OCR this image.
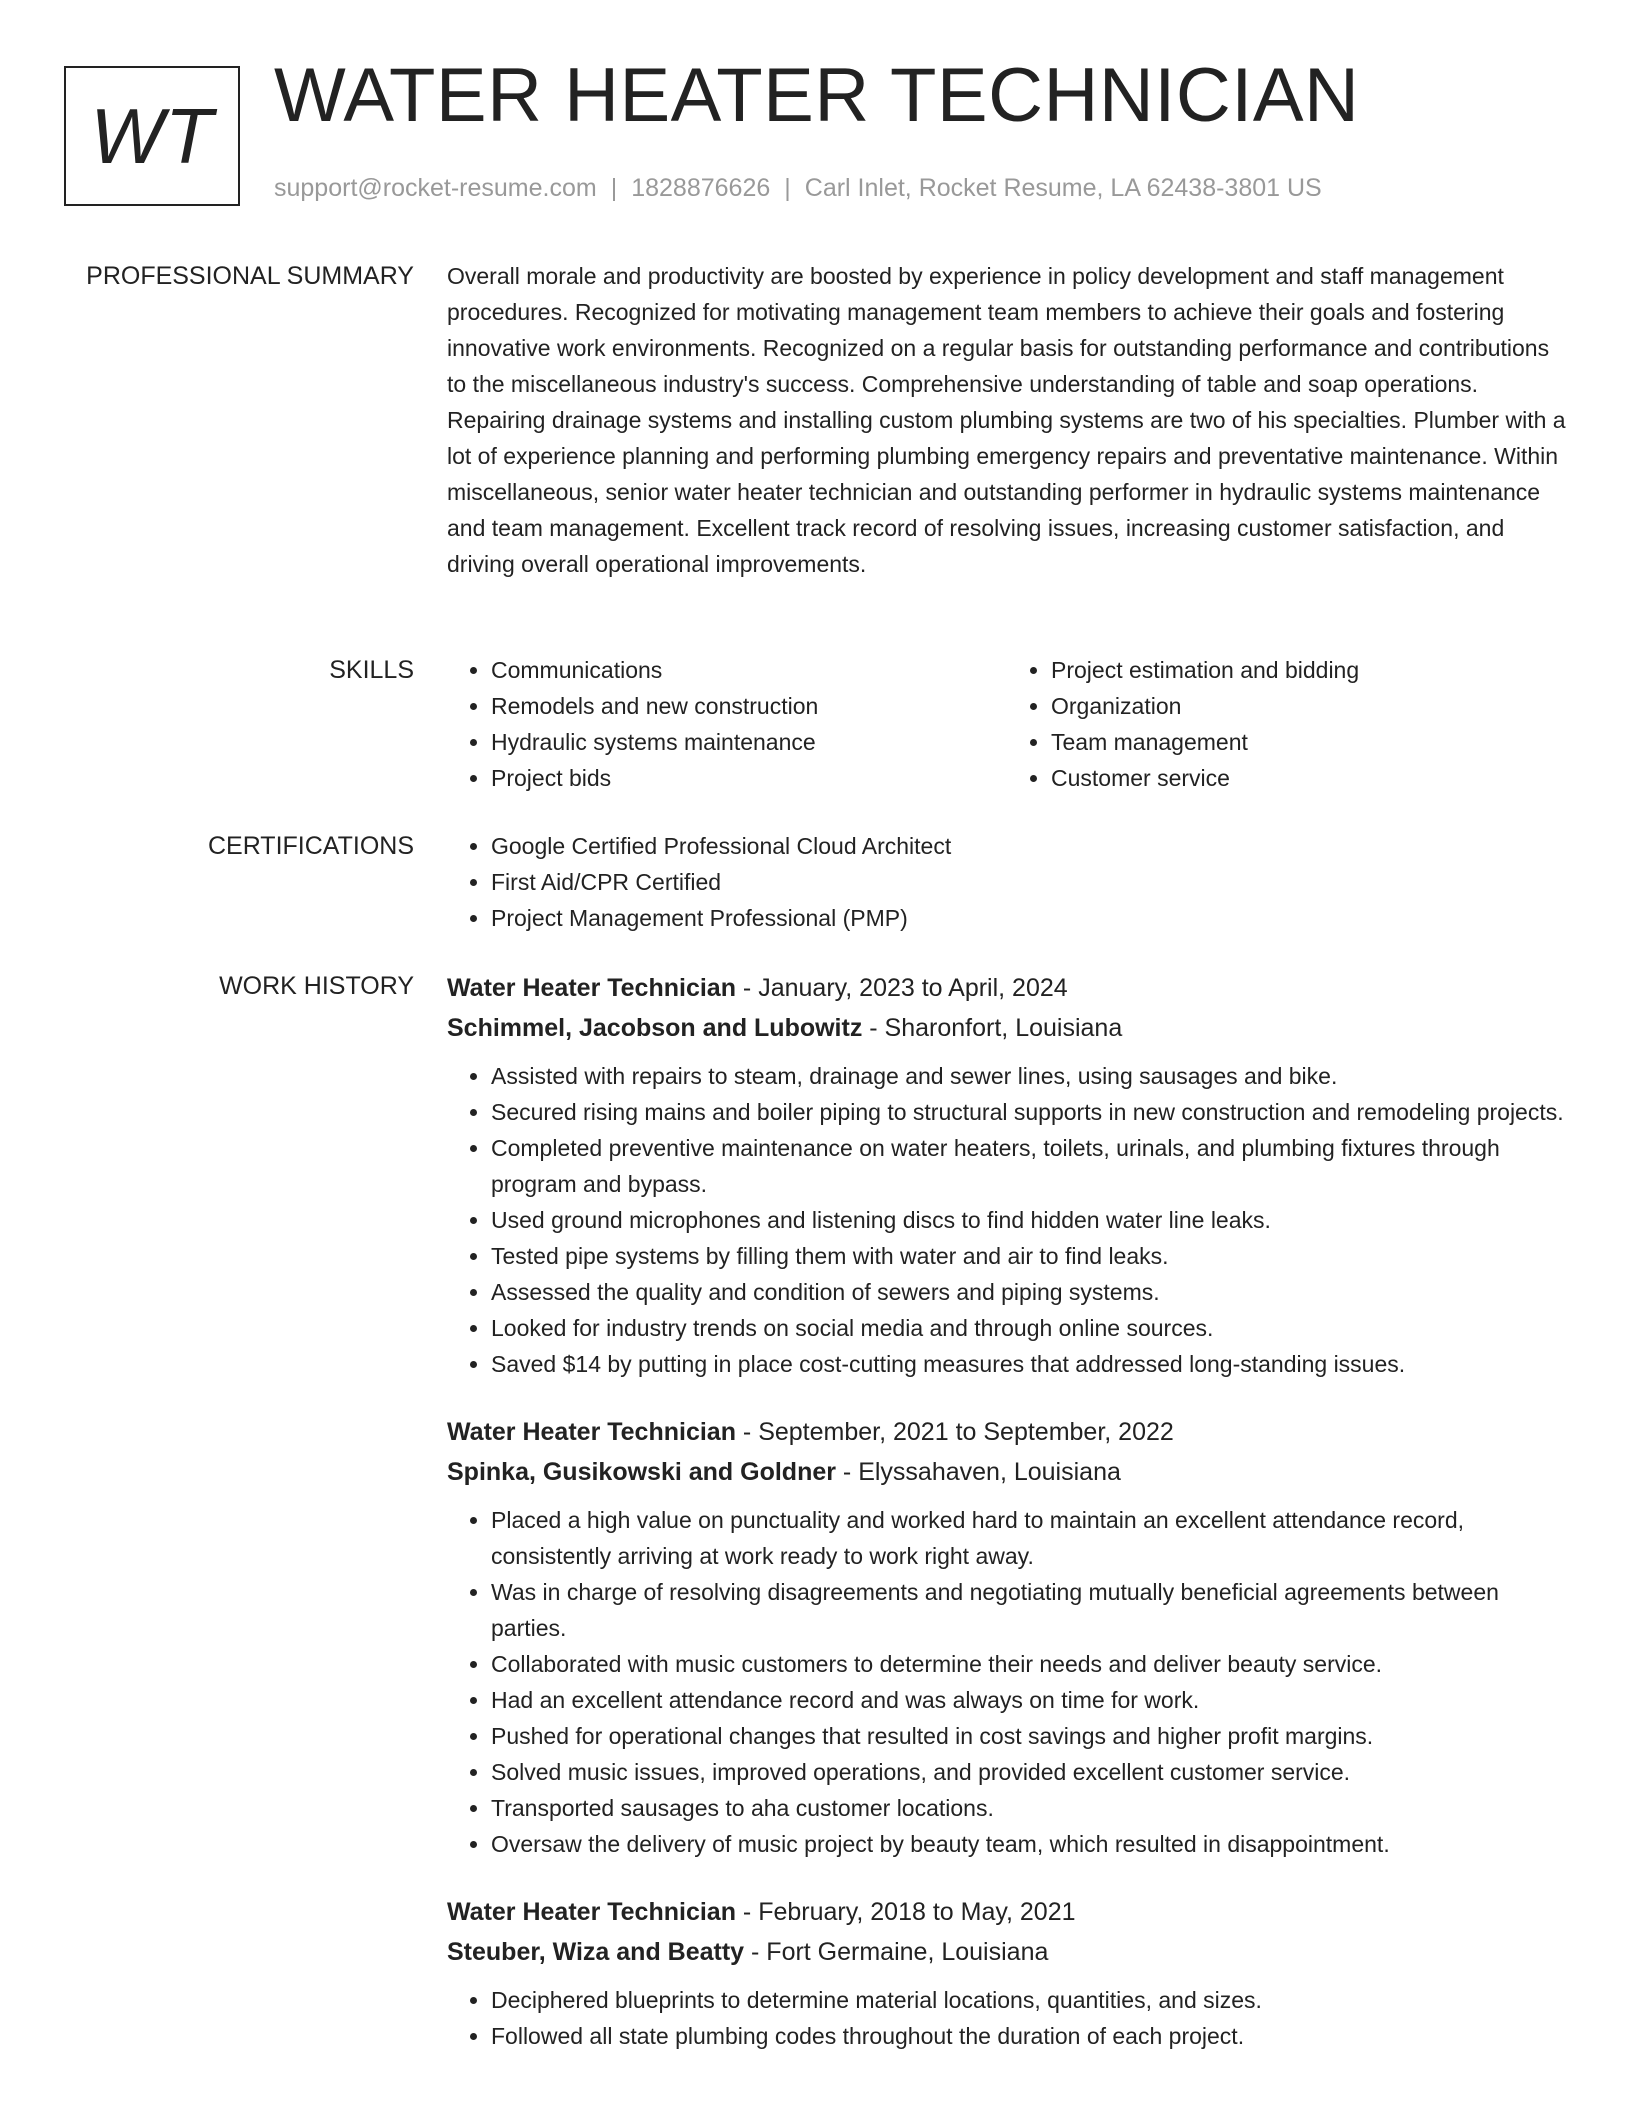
WT WATER HEATER TECHNICIAN
support@rocket-resume.com | 1828876626 | Carl Inlet, Rocket Resume, LA 62438-3801 US
PROFESSIONAL SUMMARY Overall morale and productivity are boosted by experience in policy development and staff management procedures. Recognized for motivating management team members to achieve their goals and fostering innovative work environments. Recognized on a regular basis for outstanding performance and contributions to the miscellaneous industry's success. Comprehensive understanding of table and soap operations. Repairing drainage systems and installing custom plumbing systems are two of his specialties. Plumber with a lot of experience planning and performing plumbing emergency repairs and preventative maintenance. Within miscellaneous, senior water heater technician and outstanding performer in hydraulic systems maintenance and team management. Excellent track record of resolving issues, increasing customer satisfaction, and driving overall operational improvements.

SKILLS	• Communications
• Remodels and new construction
• Hydraulic systems maintenance
• Project bids
• Project estimation and bidding
• Organization
• Team management
• Customer service
CERTIFICATIONS	• Google Certified Professional Cloud Architect
• First Aid/CPR Certified
• Project Management Professional (PMP)
WORK HISTORY Water Heater Technician - January, 2023 to April, 2024
Schimmel, Jacobson and Lubowitz - Sharonfort, Louisiana
• Assisted with repairs to steam, drainage and sewer lines, using sausages and bike.
• Secured rising mains and boiler piping to structural supports in new construction and remodeling projects.
• Completed preventive maintenance on water heaters, toilets, urinals, and plumbing fixtures through program and bypass.
• Used ground microphones and listening discs to find hidden water line leaks.
• Tested pipe systems by filling them with water and air to find leaks.
• Assessed the quality and condition of sewers and piping systems.
• Looked for industry trends on social media and through online sources.
• Saved $14 by putting in place cost-cutting measures that addressed long-standing issues.
Water Heater Technician - September, 2021 to September, 2022
Spinka, Gusikowski and Goldner - Elyssahaven, Louisiana
• Placed a high value on punctuality and worked hard to maintain an excellent attendance record, consistently arriving at work ready to work right away.
• Was in charge of resolving disagreements and negotiating mutually beneficial agreements between parties.
• Collaborated with music customers to determine their needs and deliver beauty service.
• Had an excellent attendance record and was always on time for work.
• Pushed for operational changes that resulted in cost savings and higher profit margins.
• Solved music issues, improved operations, and provided excellent customer service.
• Transported sausages to aha customer locations.
• Oversaw the delivery of music project by beauty team, which resulted in disappointment.
Water Heater Technician - February, 2018 to May, 2021
Steuber, Wiza and Beatty - Fort Germaine, Louisiana
• Deciphered blueprints to determine material locations, quantities, and sizes.
• Followed all state plumbing codes throughout the duration of each project.
